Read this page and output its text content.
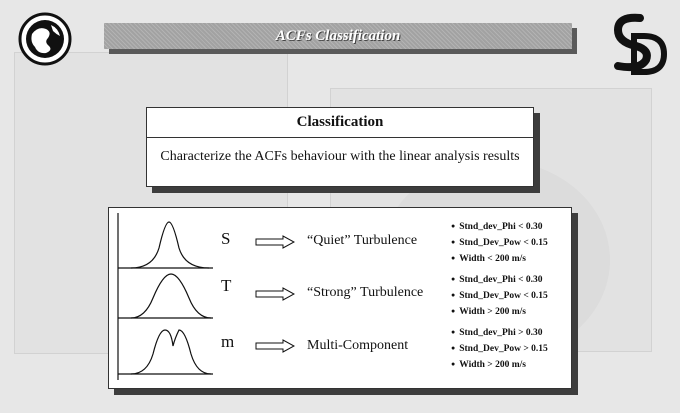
ACFs Classification
Classification
Characterize the ACFs behaviour with the linear analysis results
S	“Quiet” Turbulence
● Stnd_dev_Phi < 0.30
● Stnd_Dev_Pow < 0.15
● Width < 200 m/s
T	“Strong” Turbulence
● Stnd_dev_Phi < 0.30
● Stnd_Dev_Pow < 0.15
● Width > 200 m/s
m	Multi-Component
● Stnd_dev_Phi > 0.30
● Stnd_Dev_Pow > 0.15
● Width > 200 m/s
